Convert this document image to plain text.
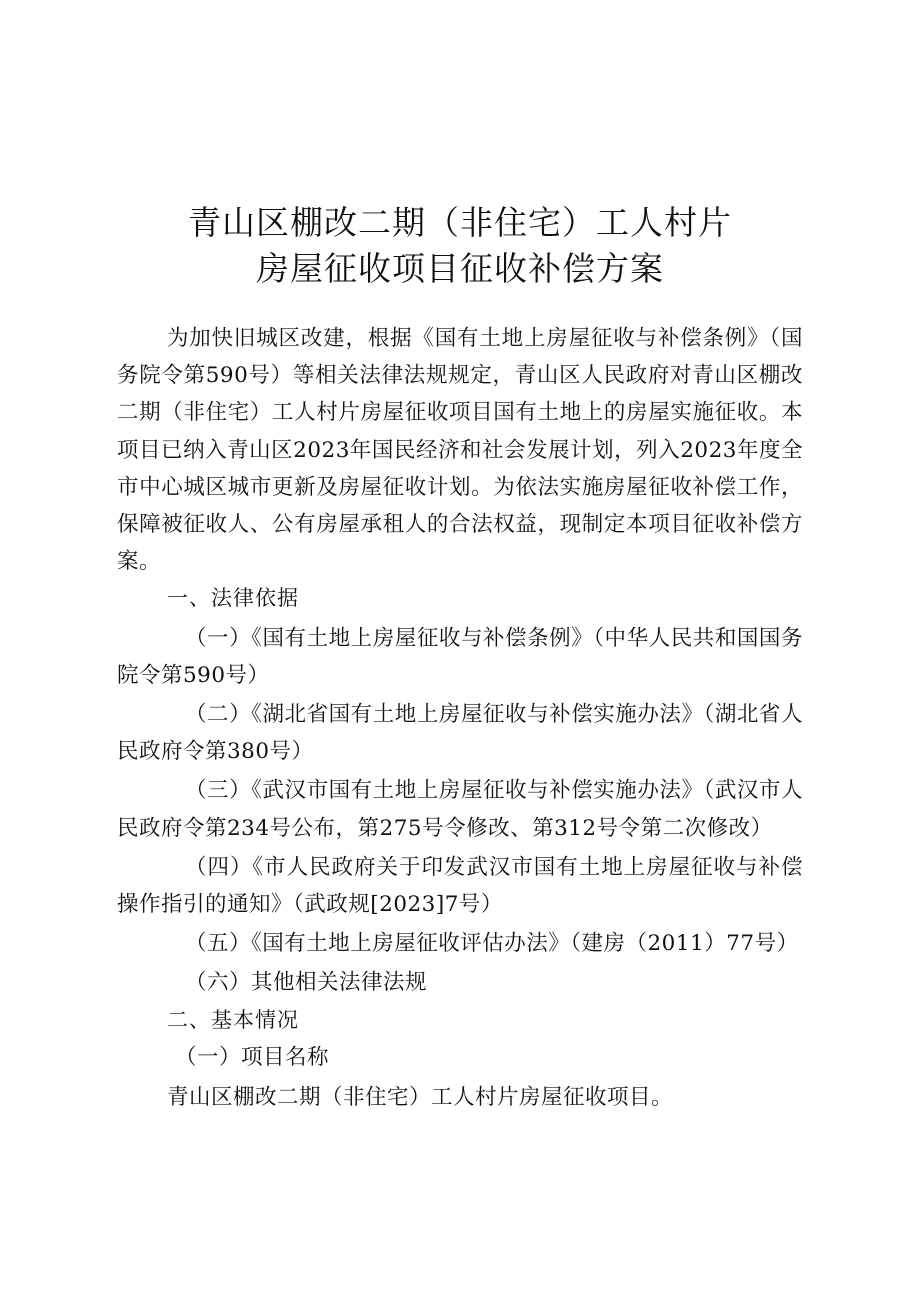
青山区棚改二期（非住宅）工人村片
房屋征收项目征收补偿方案

为加快旧城区改建，根据《国有土地上房屋征收与补偿条例》（国务院令第590号）等相关法律法规规定，青山区人民政府对青山区棚改二期（非住宅）工人村片房屋征收项目国有土地上的房屋实施征收。本项目已纳入青山区2023年国民经济和社会发展计划，列入2023年度全市中心城区城市更新及房屋征收计划。为依法实施房屋征收补偿工作，保障被征收人、公有房屋承租人的合法权益，现制定本项目征收补偿方案。

一、法律依据

（一）《国有土地上房屋征收与补偿条例》（中华人民共和国国务院令第590号）

（二）《湖北省国有土地上房屋征收与补偿实施办法》（湖北省人民政府令第380号）

（三）《武汉市国有土地上房屋征收与补偿实施办法》（武汉市人民政府令第234号公布，第275号令修改、第312号令第二次修改）

（四）《市人民政府关于印发武汉市国有土地上房屋征收与补偿操作指引的通知》（武政规[2023]7号）

（五）《国有土地上房屋征收评估办法》（建房（2011）77号）

（六）其他相关法律法规

二、基本情况

（一）项目名称

青山区棚改二期（非住宅）工人村片房屋征收项目。
